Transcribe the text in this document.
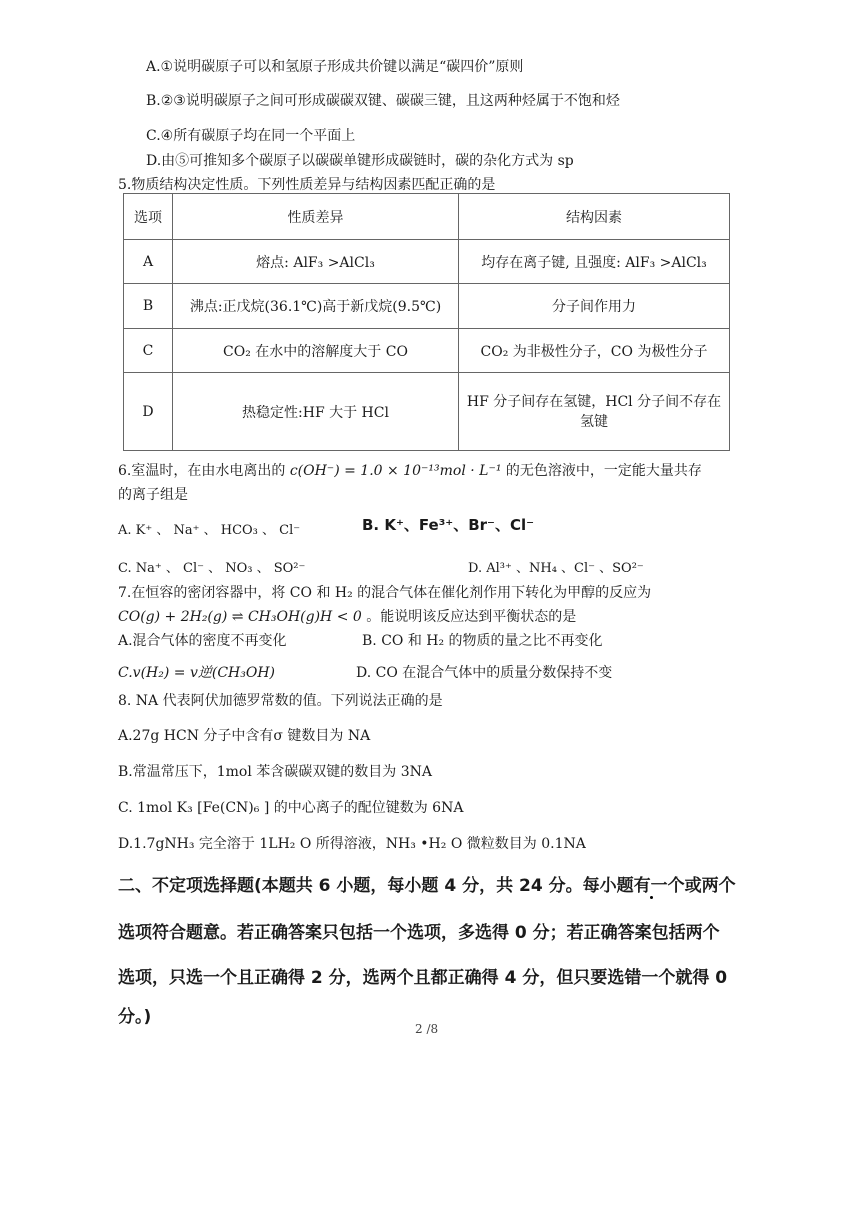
A.①说明碳原子可以和氢原子形成共价键以满足“碳四价”原则
B.②③说明碳原子之间可形成碳碳双键、碳碳三键，且这两种烃属于不饱和烃
C.④所有碳原子均在同一个平面上
D.由⑤可推知多个碳原子以碳碳单键形成碳链时，碳的杂化方式为 sp
5.物质结构决定性质。下列性质差异与结构因素匹配正确的是
选项	性质差异	结构因素
A	熔点: AlF₃ >AlCl₃	均存在离子键, 且强度: AlF₃ >AlCl₃
B	沸点:正戊烷(36.1℃)高于新戊烷(9.5℃)	分子间作用力
C	CO₂ 在水中的溶解度大于 CO	CO₂ 为非极性分子，CO 为极性分子
D	热稳定性:HF 大于 HCl	HF 分子间存在氢键，HCl 分子间不存在
氢键
6.室温时，在由水电离出的 c(OH⁻) = 1.0 × 10⁻¹³mol · L⁻¹ 的无色溶液中，一定能大量共存
的离子组是
A. K⁺ 、 Na⁺ 、 HCO₃ 、 Cl⁻	B. K⁺、Fe³⁺、Br⁻、Cl⁻
C. Na⁺ 、 Cl⁻ 、 NO₃ 、 SO²⁻	D. Al³⁺ 、NH₄ 、Cl⁻ 、SO²⁻
7.在恒容的密闭容器中，将 CO 和 H₂ 的混合气体在催化剂作用下转化为甲醇的反应为
CO(g) + 2H₂(g) ⇌ CH₃OH(g)H < 0 。能说明该反应达到平衡状态的是
A.混合气体的密度不再变化	B. CO 和 H₂ 的物质的量之比不再变化
C.v(H₂) = v逆(CH₃OH)	D. CO 在混合气体中的质量分数保持不变
8. NA 代表阿伏加德罗常数的值。下列说法正确的是
A.27g HCN 分子中含有σ 键数目为 NA
B.常温常压下，1mol 苯含碳碳双键的数目为 3NA
C. 1mol K₃ [Fe(CN)₆ ] 的中心离子的配位键数为 6NA
D.1.7gNH₃ 完全溶于 1LH₂ O 所得溶液，NH₃ •H₂ O 微粒数目为 0.1NA
二、不定项选择题(本题共 6 小题，每小题 4 分，共 24 分。每小题有一个或两个
选项符合题意。若正确答案只包括一个选项，多选得 0 分；若正确答案包括两个
选项，只选一个且正确得 2 分，选两个且都正确得 4 分，但只要选错一个就得 0
分。)
2 /8
